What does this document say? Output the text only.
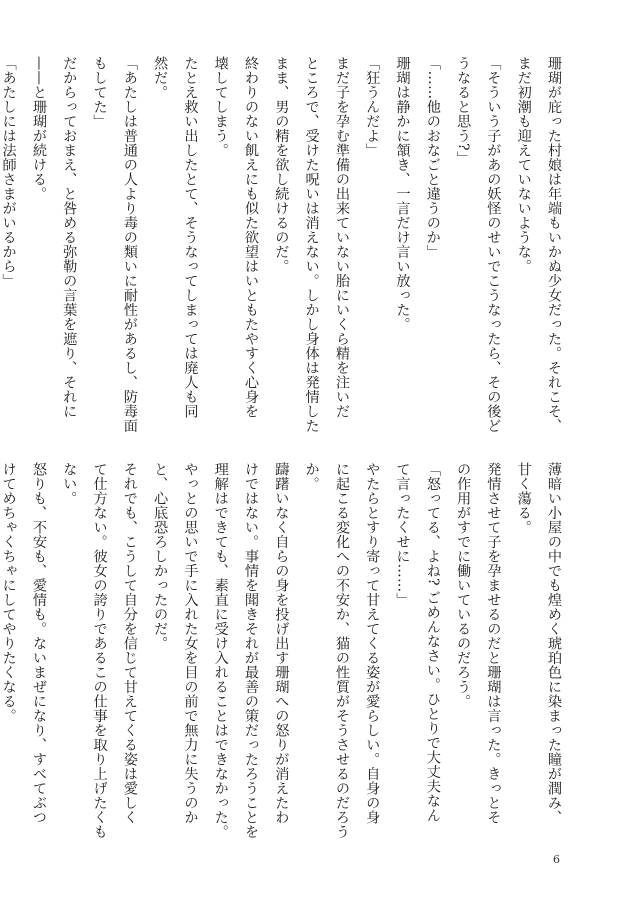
珊瑚が庇った村娘は年端もいかぬ少女だった。それこそ、
まだ初潮も迎えていないような。
「そういう子があの妖怪のせいでこうなったら、その後ど
うなると思う?」
「……他のおなごと違うのか」
珊瑚は静かに頷き、一言だけ言い放った。
「狂うんだよ」
まだ子を孕む準備の出来ていない胎にいくら精を注いだ
ところで、受けた呪いは消えない。しかし身体は発情した
まま、男の精を欲し続けるのだ。
終わりのない飢えにも似た欲望はいともたやすく心身を
壊してしまう。
たとえ救い出したとて、そうなってしまっては廃人も同
然だ。
「あたしは普通の人より毒の類いに耐性があるし、防毒面
もしてた」
だからっておまえ、と咎める弥勒の言葉を遮り、それに
——と珊瑚が続ける。
「あたしには法師さまがいるから」
薄暗い小屋の中でも煌めく琥珀色に染まった瞳が潤み、
甘く蕩る。
発情させて子を孕ませるのだと珊瑚は言った。きっとそ
の作用がすでに働いているのだろう。
「怒ってる、よね? ごめんなさい。ひとりで大丈夫なん
て言ったくせに……」
やたらとすり寄って甘えてくる姿が愛らしい。自身の身
に起こる変化への不安か、猫の性質がそうさせるのだろう
か。
躊躇いなく自らの身を投げ出す珊瑚への怒りが消えたわ
けではない。事情を聞きそれが最善の策だったろうことを
理解はできても、素直に受け入れることはできなかった。
やっとの思いで手に入れた女を目の前で無力に失うのか
と、心底恐ろしかったのだ。
それでも、こうして自分を信じて甘えてくる姿は愛しく
て仕方ない。彼女の誇りであるこの仕事を取り上げたくも
ない。
怒りも、不安も、愛情も。ないまぜになり、すべてぶつ
けてめちゃくちゃにしてやりたくなる。
6
